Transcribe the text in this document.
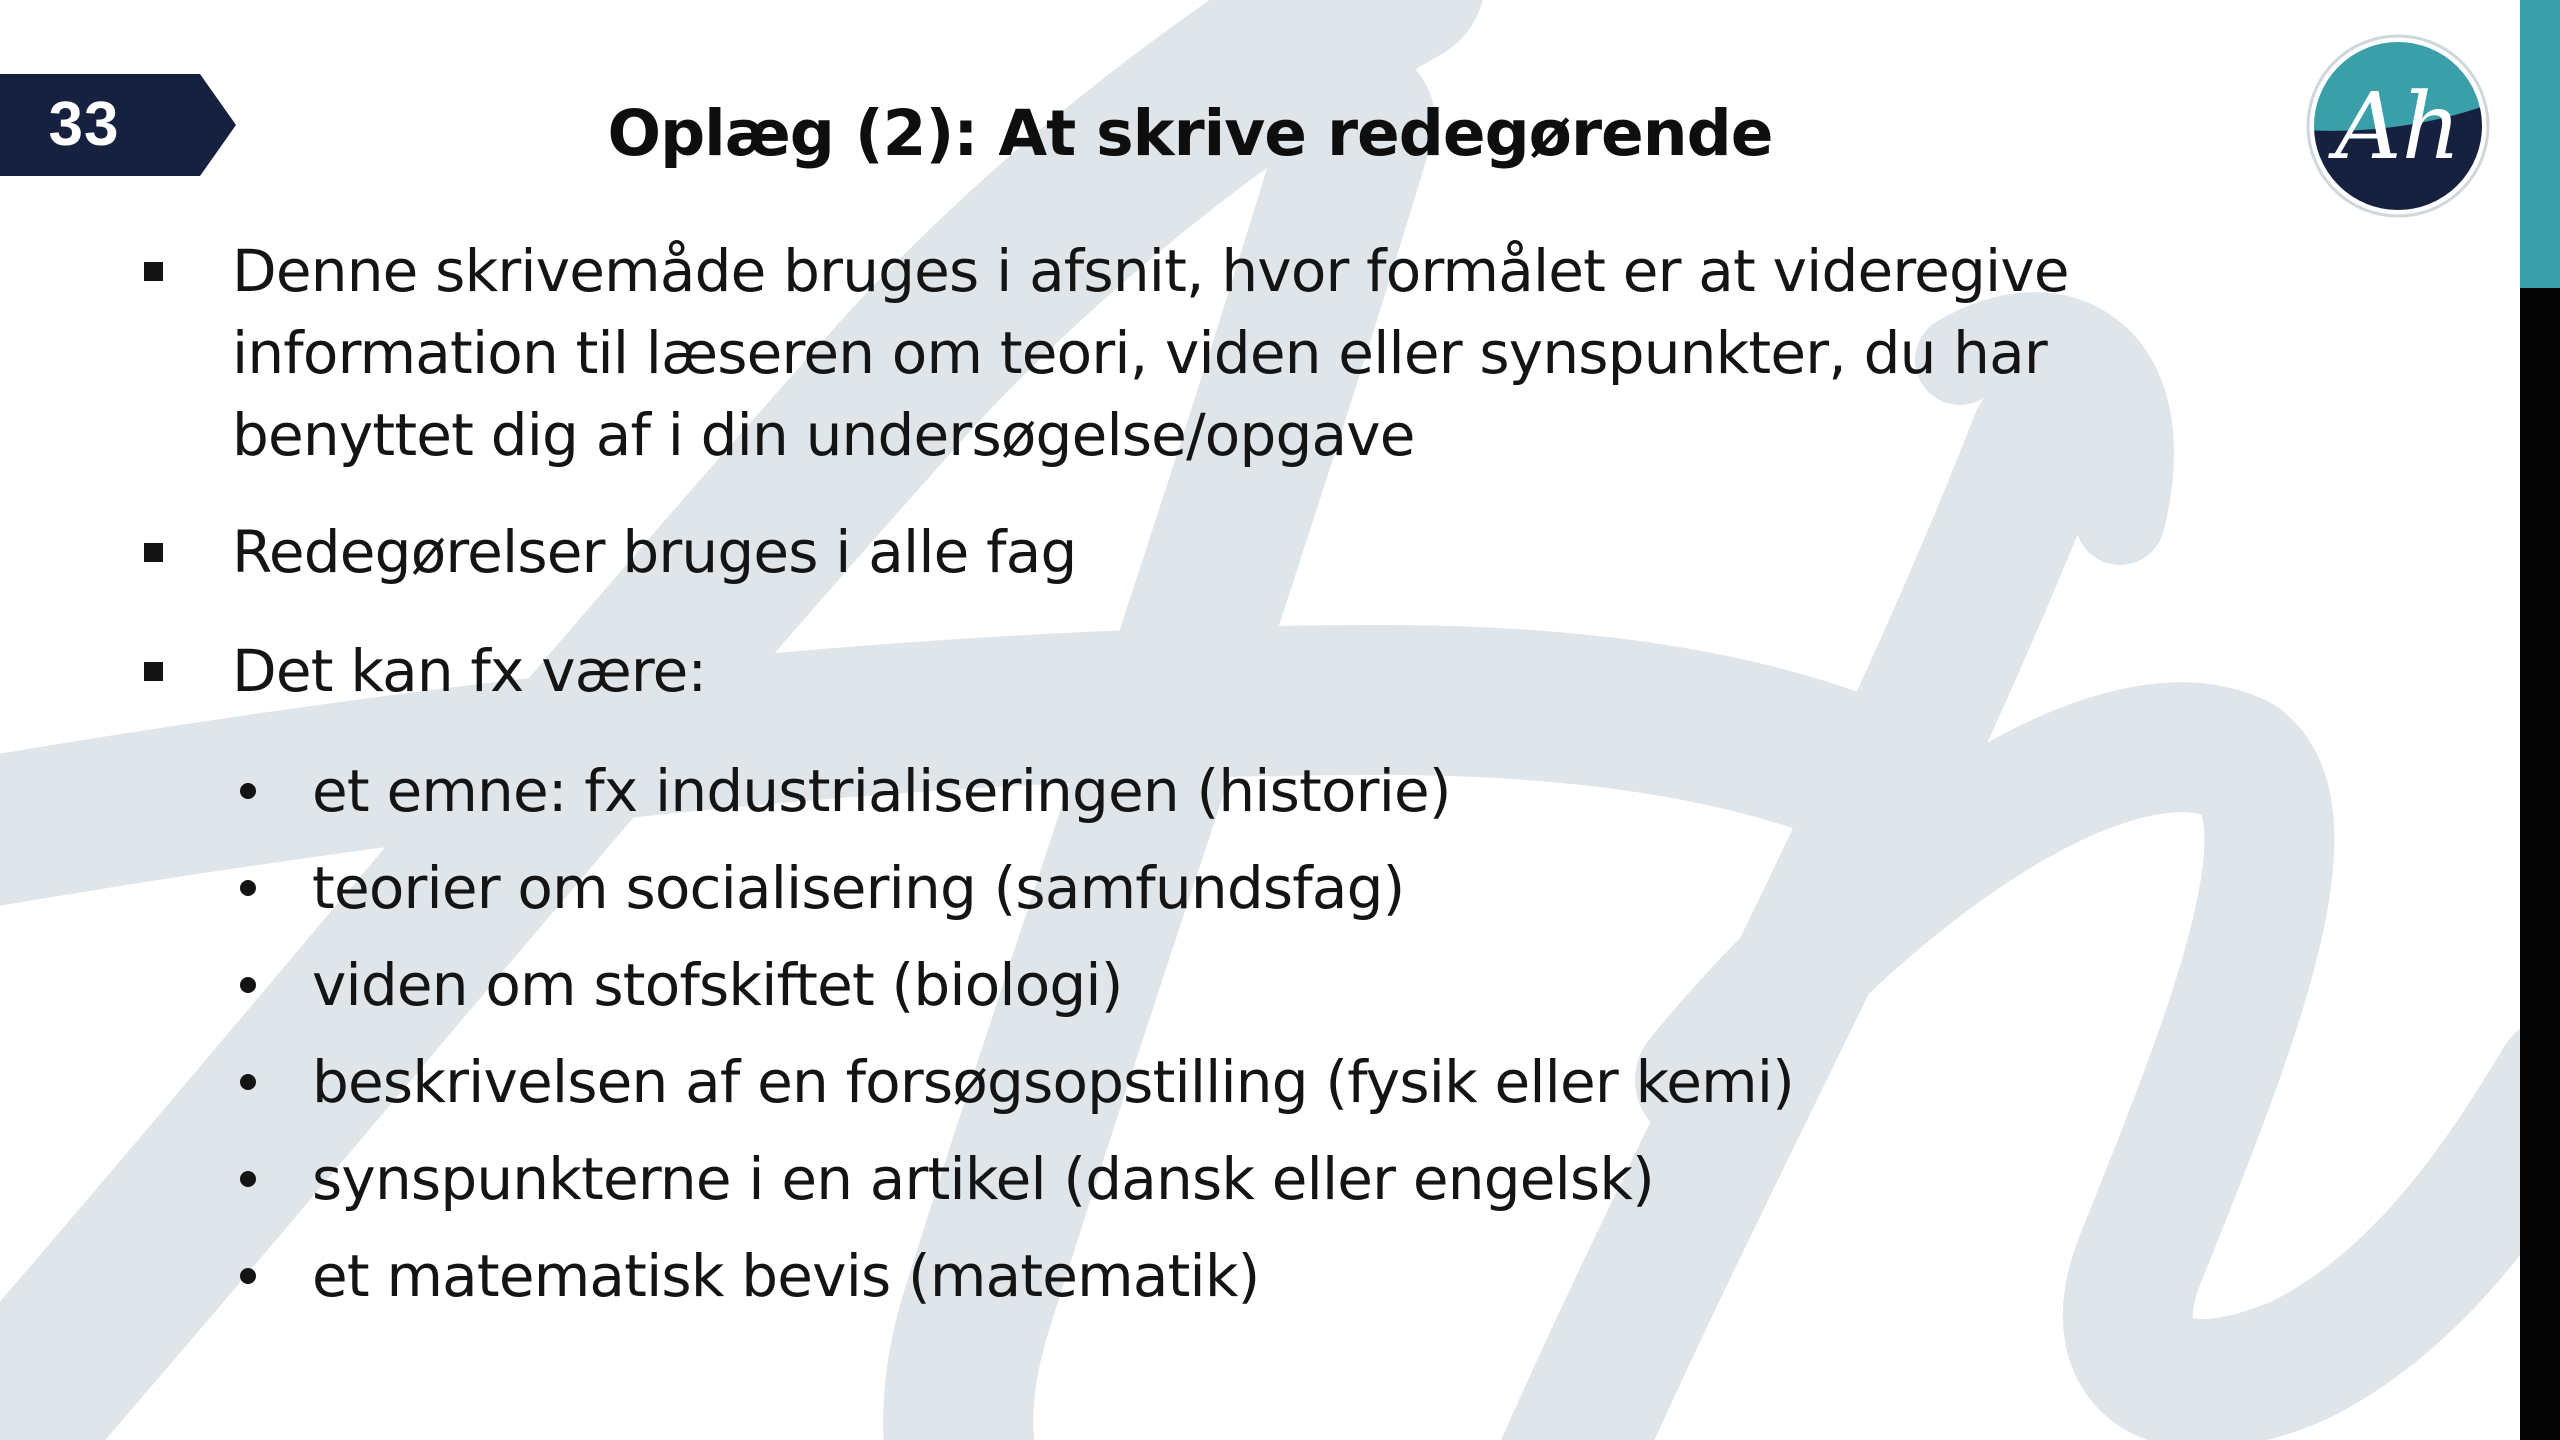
33	Oplæg (2): At skrive redegørende	Ah
Denne skrivemåde bruges i afsnit, hvor formålet er at videregive
information til læseren om teori, viden eller synspunkter, du har
benyttet dig af i din undersøgelse/opgave
Redegørelser bruges i alle fag
Det kan fx være:
et emne: fx industrialiseringen (historie)
teorier om socialisering (samfundsfag)
viden om stofskiftet (biologi)
beskrivelsen af en forsøgsopstilling (fysik eller kemi)
synspunkterne i en artikel (dansk eller engelsk)
et matematisk bevis (matematik)
